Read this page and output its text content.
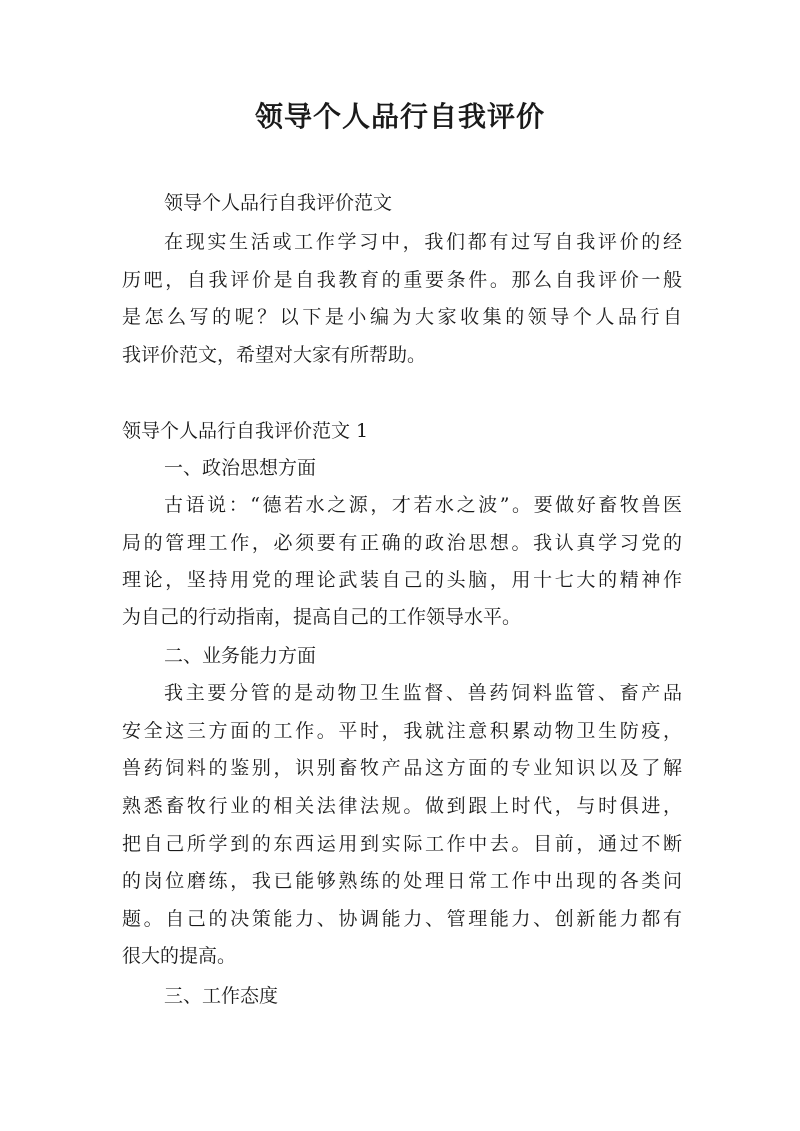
领导个人品行自我评价

领导个人品行自我评价范文

在现实生活或工作学习中，我们都有过写自我评价的经

历吧，自我评价是自我教育的重要条件。那么自我评价一般

是怎么写的呢？以下是小编为大家收集的领导个人品行自

我评价范文，希望对大家有所帮助。

领导个人品行自我评价范文 1

一、政治思想方面

古语说：“德若水之源，才若水之波”。要做好畜牧兽医

局的管理工作，必须要有正确的政治思想。我认真学习党的

理论，坚持用党的理论武装自己的头脑，用十七大的精神作

为自己的行动指南，提高自己的工作领导水平。

二、业务能力方面

我主要分管的是动物卫生监督、兽药饲料监管、畜产品

安全这三方面的工作。平时，我就注意积累动物卫生防疫，

兽药饲料的鉴别，识别畜牧产品这方面的专业知识以及了解

熟悉畜牧行业的相关法律法规。做到跟上时代，与时俱进，

把自己所学到的东西运用到实际工作中去。目前，通过不断

的岗位磨练，我已能够熟练的处理日常工作中出现的各类问

题。自己的决策能力、协调能力、管理能力、创新能力都有

很大的提高。

三、工作态度
